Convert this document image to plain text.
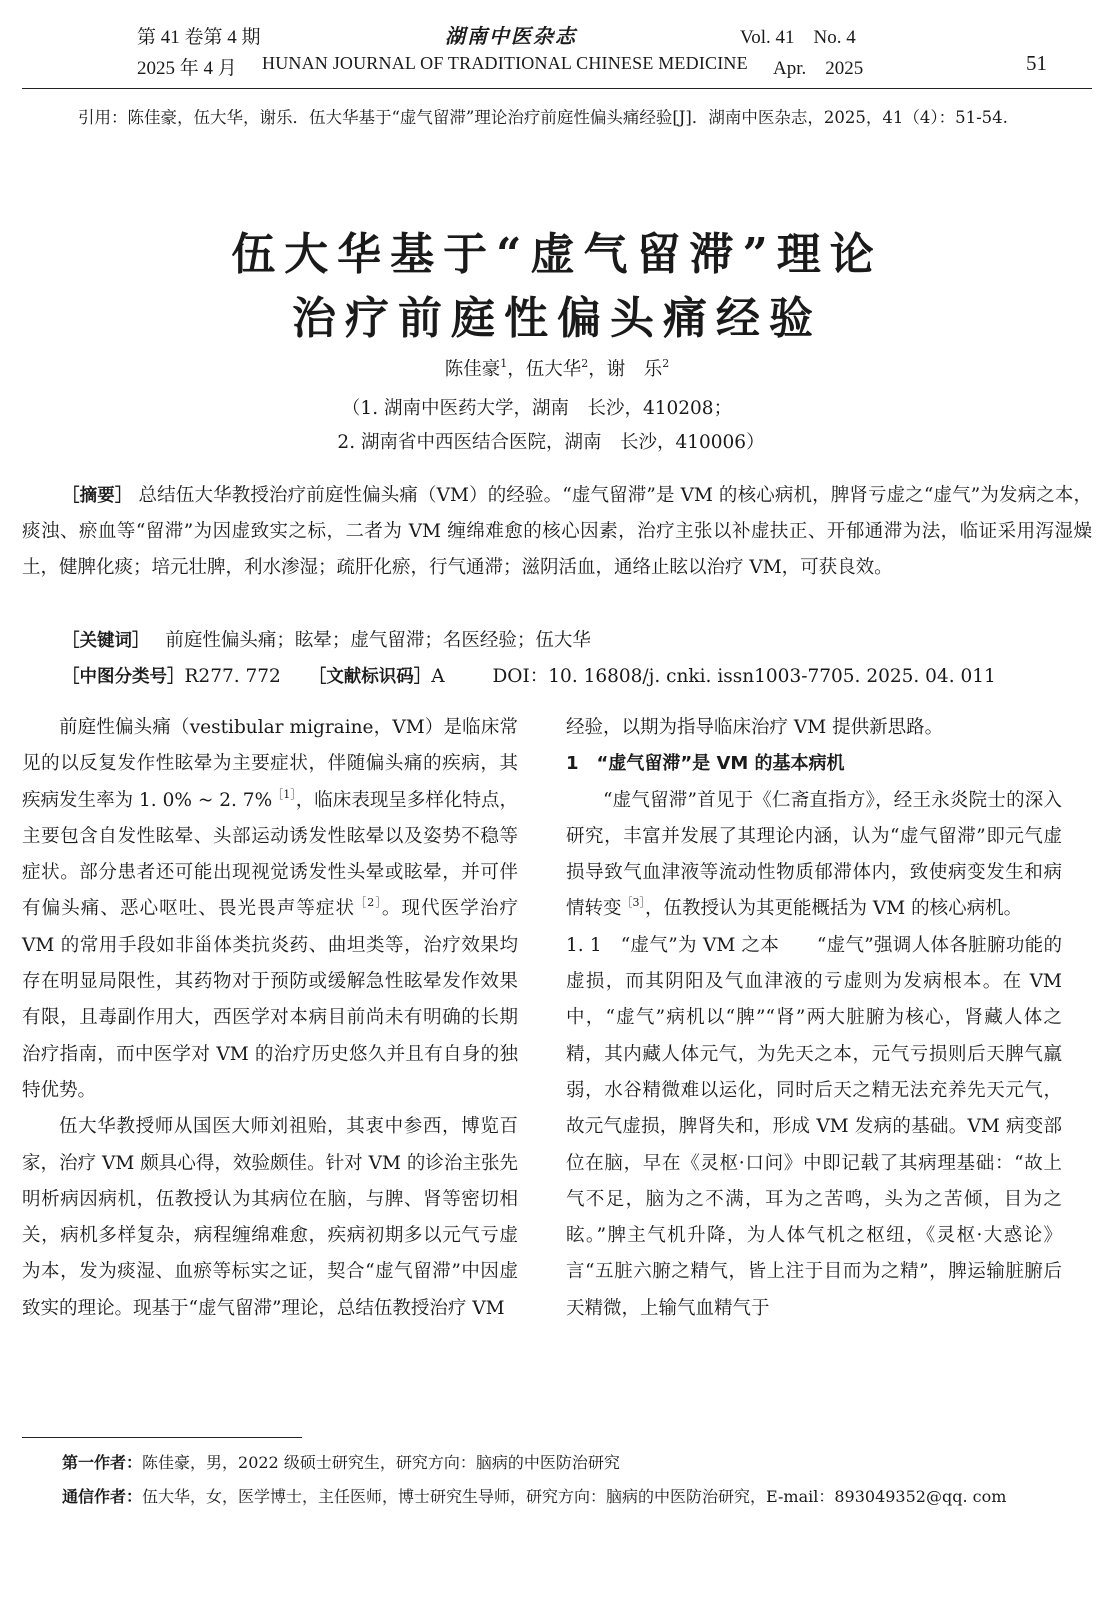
第 41 卷第 4 期
2025 年 4 月
湖南中医杂志
HUNAN JOURNAL OF TRADITIONAL CHINESE MEDICINE
Vol. 41　No. 4
Apr.　2025	51
引用：陈佳豪，伍大华，谢乐．伍大华基于“虚气留滞”理论治疗前庭性偏头痛经验[J]．湖南中医杂志，2025，41（4）：51-54.
伍大华基于“虚气留滞”理论
治疗前庭性偏头痛经验
陈佳豪$^1$，伍大华$^2$，谢　乐$^2$
（1. 湖南中医药大学，湖南　长沙，410208；
2. 湖南省中西医结合医院，湖南　长沙，410006）
［摘要］ 总结伍大华教授治疗前庭性偏头痛（VM）的经验。“虚气留滞”是 VM 的核心病机，脾肾亏虚之“虚气”为发病之本，痰浊、瘀血等“留滞”为因虚致实之标，二者为 VM 缠绵难愈的核心因素，治疗主张以补虚扶正、开郁通滞为法，临证采用泻湿燥土，健脾化痰；培元壮脾，利水渗湿；疏肝化瘀，行气通滞；滋阴活血，通络止眩以治疗 VM，可获良效。
［关键词］ 前庭性偏头痛；眩晕；虚气留滞；名医经验；伍大华
［中图分类号］R277. 772 ［文献标识码］A	DOI：10. 16808/j. cnki. issn1003-7705. 2025. 04. 011

前庭性偏头痛（vestibular migraine，VM）是临床常见的以反复发作性眩晕为主要症状，伴随偏头痛的疾病，其疾病发生率为 1. 0% ~ 2. 7%$^{[1]}$，临床表现呈多样化特点，主要包含自发性眩晕、头部运动诱发性眩晕以及姿势不稳等症状。部分患者还可能出现视觉诱发性头晕或眩晕，并可伴有偏头痛、恶心呕吐、畏光畏声等症状$^{[2]}$。现代医学治疗 VM 的常用手段如非甾体类抗炎药、曲坦类等，治疗效果均存在明显局限性，其药物对于预防或缓解急性眩晕发作效果有限，且毒副作用大，西医学对本病目前尚未有明确的长期治疗指南，而中医学对 VM 的治疗历史悠久并且有自身的独特优势。

伍大华教授师从国医大师刘祖贻，其衷中参西，博览百家，治疗 VM 颇具心得，效验颇佳。针对 VM 的诊治主张先明析病因病机，伍教授认为其病位在脑，与脾、肾等密切相关，病机多样复杂，病程缠绵难愈，疾病初期多以元气亏虚为本，发为痰湿、血瘀等标实之证，契合“虚气留滞”中因虚致实的理论。现基于“虚气留滞”理论，总结伍教授治疗 VM

经验，以期为指导临床治疗 VM 提供新思路。

1　“虚气留滞”是 VM 的基本病机

“虚气留滞”首见于《仁斋直指方》，经王永炎院士的深入研究，丰富并发展了其理论内涵，认为“虚气留滞”即元气虚损导致气血津液等流动性物质郁滞体内，致使病变发生和病情转变$^{[3]}$，伍教授认为其更能概括为 VM 的核心病机。

1. 1　“虚气”为 VM 之本　　 “虚气”强调人体各脏腑功能的虚损，而其阴阳及气血津液的亏虚则为发病根本。在 VM 中，“虚气”病机以“脾”“肾”两大脏腑为核心，肾藏人体之精，其内藏人体元气，为先天之本，元气亏损则后天脾气羸弱，水谷精微难以运化，同时后天之精无法充养先天元气，故元气虚损，脾肾失和，形成 VM 发病的基础。VM 病变部位在脑，早在《灵枢·口问》中即记载了其病理基础：“故上气不足，脑为之不满，耳为之苦鸣，头为之苦倾，目为之眩。”脾主气机升降，为人体气机之枢纽，《灵枢·大惑论》言“五脏六腑之精气，皆上注于目而为之精”，脾运输脏腑后天精微，上输气血精气于

第一作者：陈佳豪，男，2022 级硕士研究生，研究方向：脑病的中医防治研究
通信作者：伍大华，女，医学博士，主任医师，博士研究生导师，研究方向：脑病的中医防治研究，E-mail：893049352@qq. com
